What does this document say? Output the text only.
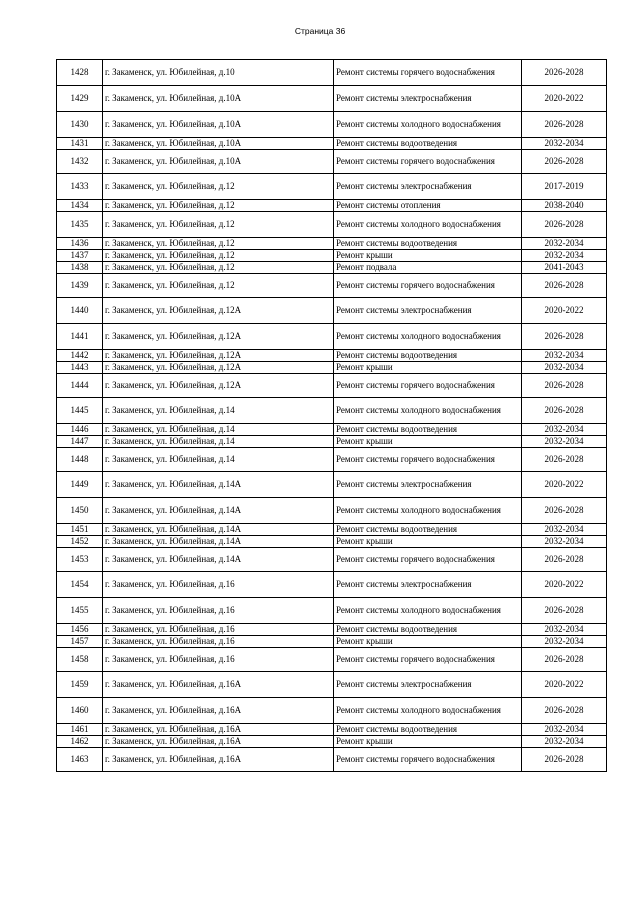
Страница 36
1428	г. Закаменск, ул. Юбилейная, д.10	Ремонт системы горячего водоснабжения	2026-2028
1429	г. Закаменск, ул. Юбилейная, д.10А	Ремонт системы электроснабжения	2020-2022
1430	г. Закаменск, ул. Юбилейная, д.10А	Ремонт системы холодного водоснабжения	2026-2028
1431	г. Закаменск, ул. Юбилейная, д.10А	Ремонт системы водоотведения	2032-2034
1432	г. Закаменск, ул. Юбилейная, д.10А	Ремонт системы горячего водоснабжения	2026-2028
1433	г. Закаменск, ул. Юбилейная, д.12	Ремонт системы электроснабжения	2017-2019
1434	г. Закаменск, ул. Юбилейная, д.12	Ремонт системы отопления	2038-2040
1435	г. Закаменск, ул. Юбилейная, д.12	Ремонт системы холодного водоснабжения	2026-2028
1436	г. Закаменск, ул. Юбилейная, д.12	Ремонт системы водоотведения	2032-2034
1437	г. Закаменск, ул. Юбилейная, д.12	Ремонт крыши	2032-2034
1438	г. Закаменск, ул. Юбилейная, д.12	Ремонт подвала	2041-2043
1439	г. Закаменск, ул. Юбилейная, д.12	Ремонт системы горячего водоснабжения	2026-2028
1440	г. Закаменск, ул. Юбилейная, д.12А	Ремонт системы электроснабжения	2020-2022
1441	г. Закаменск, ул. Юбилейная, д.12А	Ремонт системы холодного водоснабжения	2026-2028
1442	г. Закаменск, ул. Юбилейная, д.12А	Ремонт системы водоотведения	2032-2034
1443	г. Закаменск, ул. Юбилейная, д.12А	Ремонт крыши	2032-2034
1444	г. Закаменск, ул. Юбилейная, д.12А	Ремонт системы горячего водоснабжения	2026-2028
1445	г. Закаменск, ул. Юбилейная, д.14	Ремонт системы холодного водоснабжения	2026-2028
1446	г. Закаменск, ул. Юбилейная, д.14	Ремонт системы водоотведения	2032-2034
1447	г. Закаменск, ул. Юбилейная, д.14	Ремонт крыши	2032-2034
1448	г. Закаменск, ул. Юбилейная, д.14	Ремонт системы горячего водоснабжения	2026-2028
1449	г. Закаменск, ул. Юбилейная, д.14А	Ремонт системы электроснабжения	2020-2022
1450	г. Закаменск, ул. Юбилейная, д.14А	Ремонт системы холодного водоснабжения	2026-2028
1451	г. Закаменск, ул. Юбилейная, д.14А	Ремонт системы водоотведения	2032-2034
1452	г. Закаменск, ул. Юбилейная, д.14А	Ремонт крыши	2032-2034
1453	г. Закаменск, ул. Юбилейная, д.14А	Ремонт системы горячего водоснабжения	2026-2028
1454	г. Закаменск, ул. Юбилейная, д.16	Ремонт системы электроснабжения	2020-2022
1455	г. Закаменск, ул. Юбилейная, д.16	Ремонт системы холодного водоснабжения	2026-2028
1456	г. Закаменск, ул. Юбилейная, д.16	Ремонт системы водоотведения	2032-2034
1457	г. Закаменск, ул. Юбилейная, д.16	Ремонт крыши	2032-2034
1458	г. Закаменск, ул. Юбилейная, д.16	Ремонт системы горячего водоснабжения	2026-2028
1459	г. Закаменск, ул. Юбилейная, д.16А	Ремонт системы электроснабжения	2020-2022
1460	г. Закаменск, ул. Юбилейная, д.16А	Ремонт системы холодного водоснабжения	2026-2028
1461	г. Закаменск, ул. Юбилейная, д.16А	Ремонт системы водоотведения	2032-2034
1462	г. Закаменск, ул. Юбилейная, д.16А	Ремонт крыши	2032-2034
1463	г. Закаменск, ул. Юбилейная, д.16А	Ремонт системы горячего водоснабжения	2026-2028
